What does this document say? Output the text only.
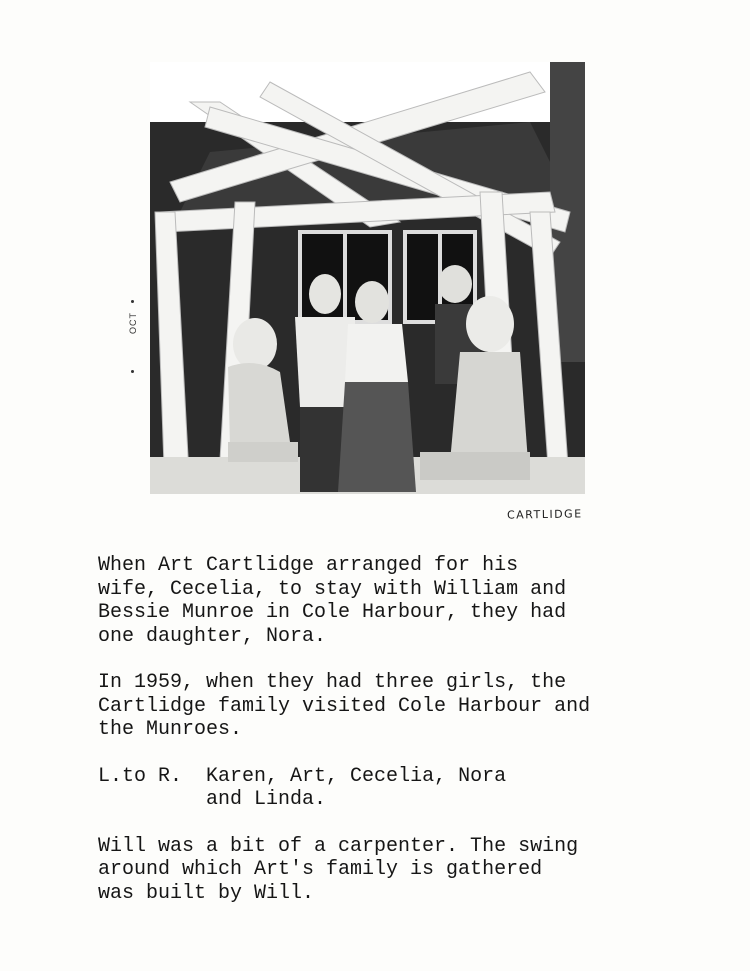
OCT
CARTLIDGE

When Art Cartlidge arranged for his
wife, Cecelia, to stay with William and
Bessie Munroe in Cole Harbour, they had
one daughter, Nora.

In 1959, when they had three girls, the
Cartlidge family visited Cole Harbour and
the Munroes.

L.to R. Karen, Art, Cecelia, Nora
and Linda.

Will was a bit of a carpenter. The swing
around which Art's family is gathered
was built by Will.
